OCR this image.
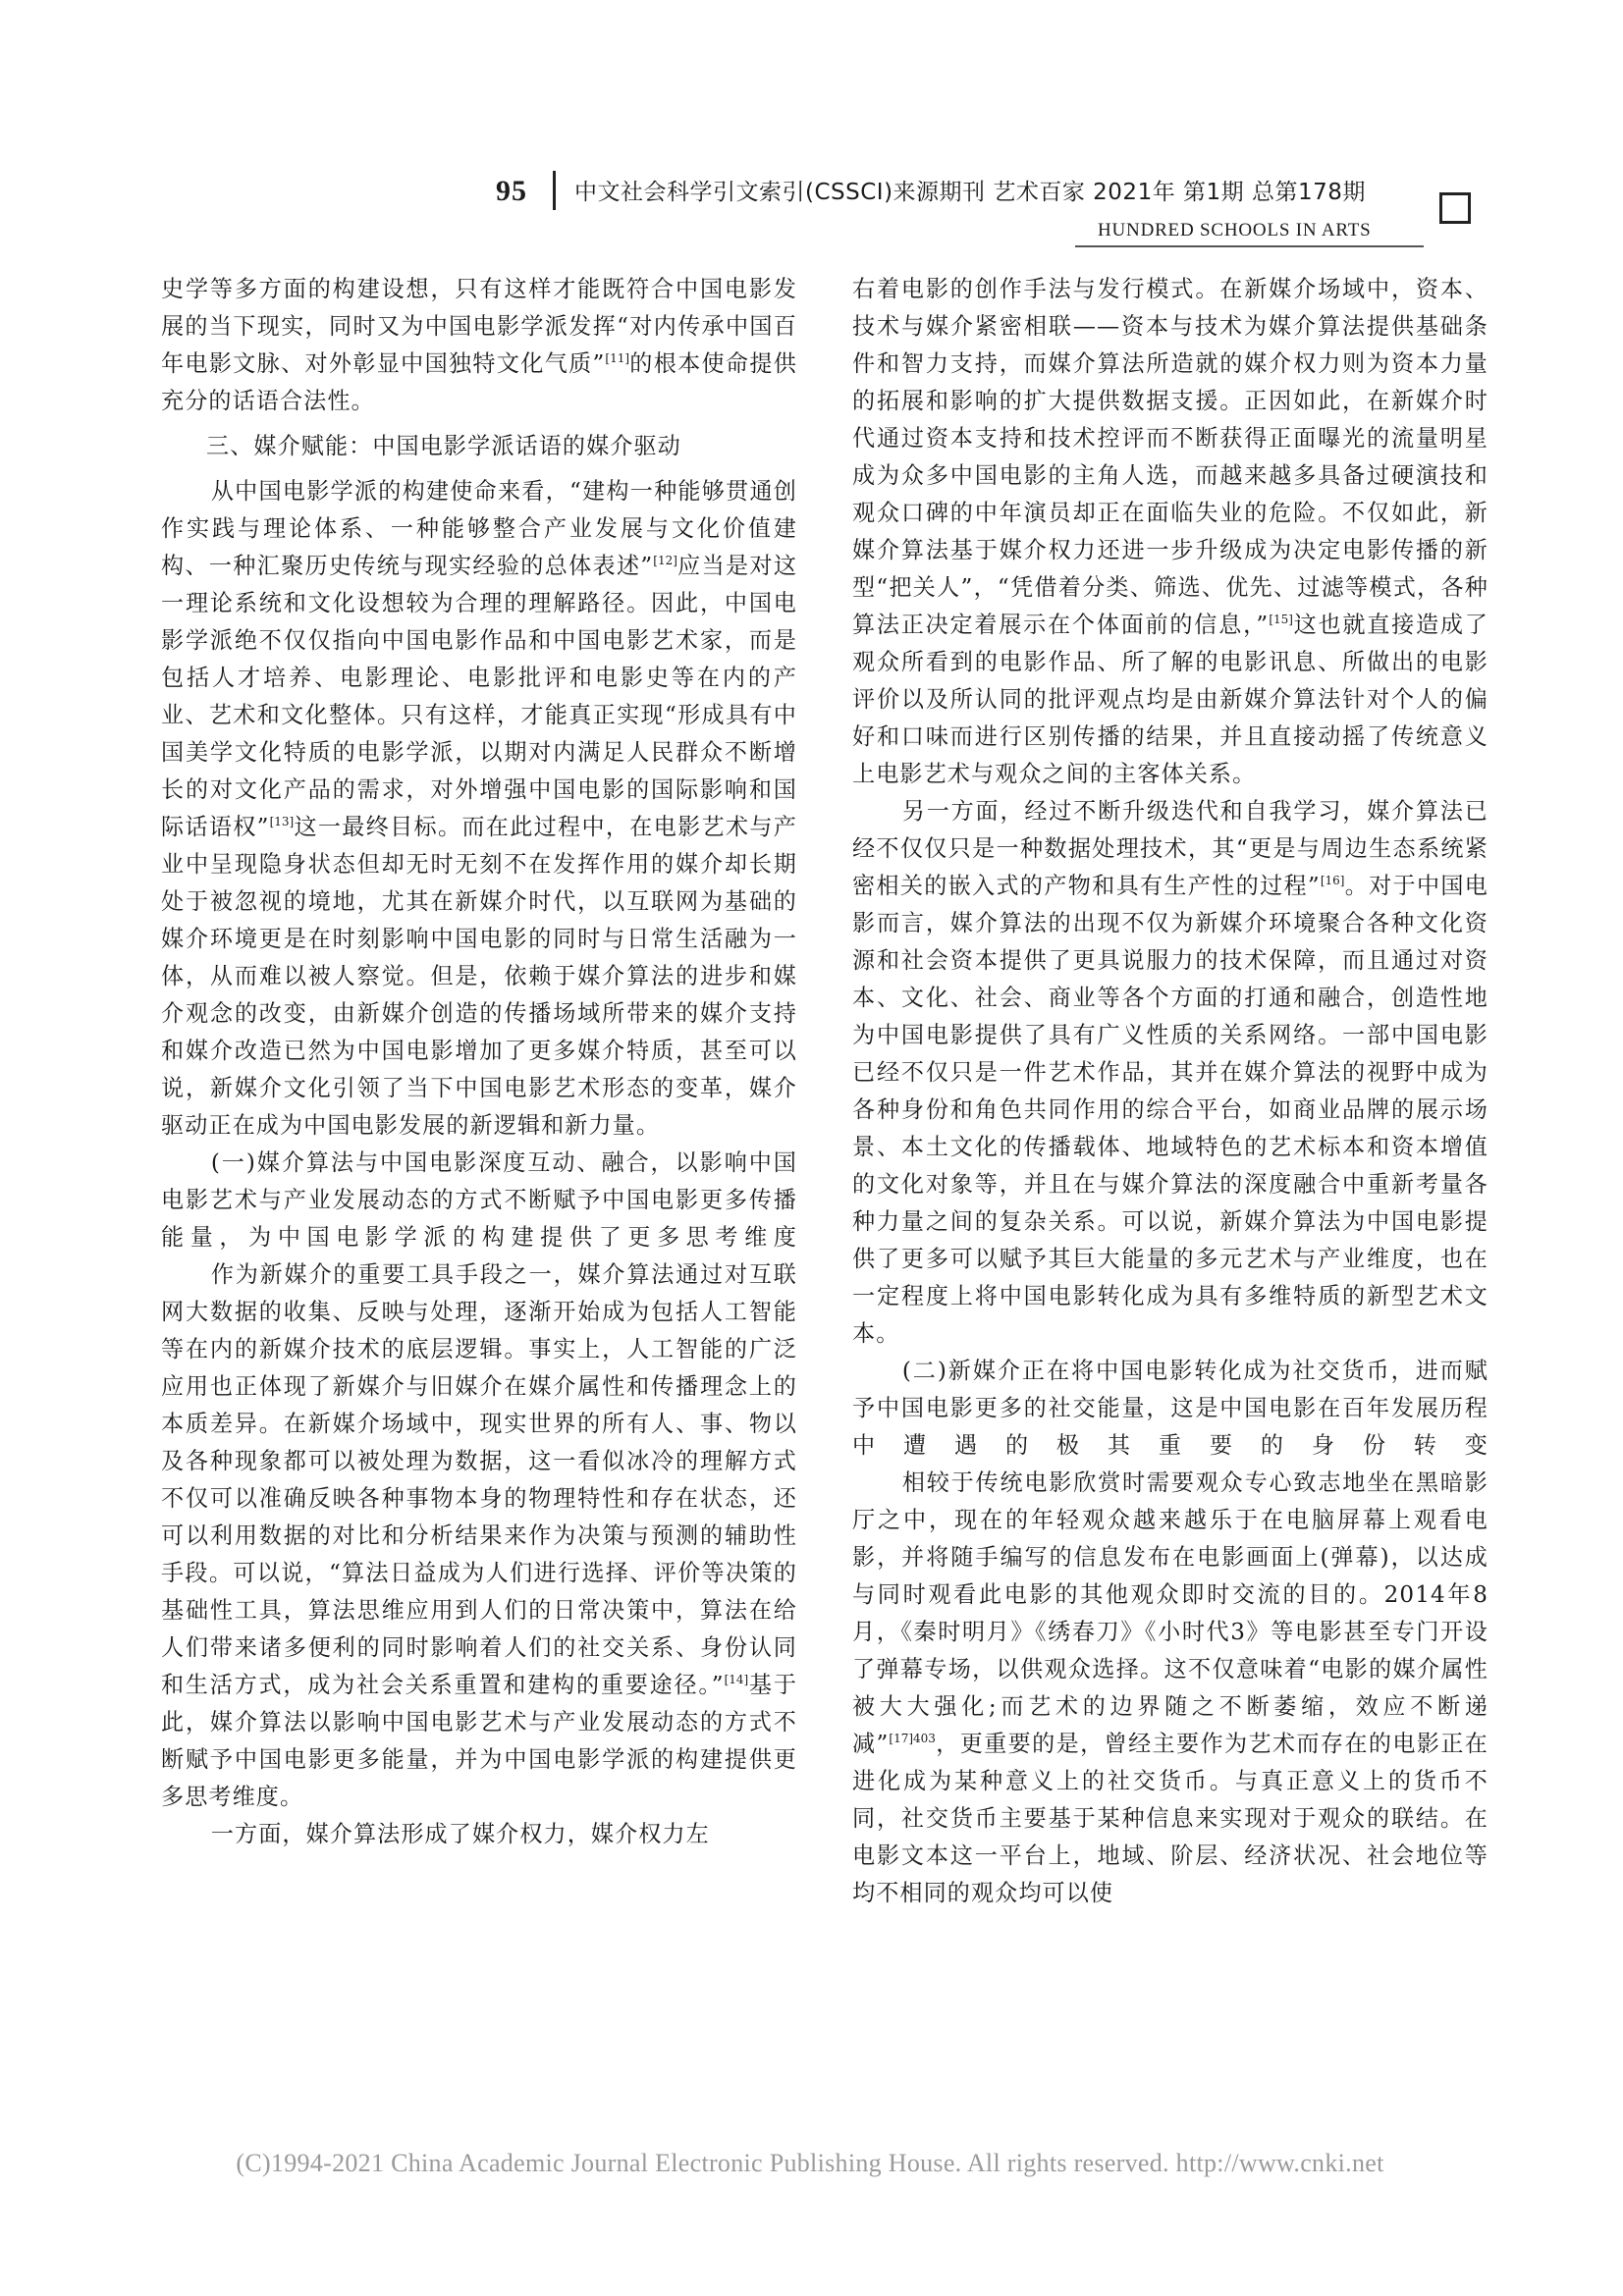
95 中文社会科学引文索引(CSSCI)来源期刊 艺术百家 2021年 第1期 总第178期
HUNDRED SCHOOLS IN ARTS

史学等多方面的构建设想，只有这样才能既符合中国电影发展的当下现实，同时又为中国电影学派发挥“对内传承中国百年电影文脉、对外彰显中国独特文化气质”[11]的根本使命提供充分的话语合法性。

三、媒介赋能：中国电影学派话语的媒介驱动

从中国电影学派的构建使命来看，“建构一种能够贯通创作实践与理论体系、一种能够整合产业发展与文化价值建构、一种汇聚历史传统与现实经验的总体表述”[12]应当是对这一理论系统和文化设想较为合理的理解路径。因此，中国电影学派绝不仅仅指向中国电影作品和中国电影艺术家，而是包括人才培养、电影理论、电影批评和电影史等在内的产业、艺术和文化整体。只有这样，才能真正实现“形成具有中国美学文化特质的电影学派，以期对内满足人民群众不断增长的对文化产品的需求，对外增强中国电影的国际影响和国际话语权”[13]这一最终目标。而在此过程中，在电影艺术与产业中呈现隐身状态但却无时无刻不在发挥作用的媒介却长期处于被忽视的境地，尤其在新媒介时代，以互联网为基础的媒介环境更是在时刻影响中国电影的同时与日常生活融为一体，从而难以被人察觉。但是，依赖于媒介算法的进步和媒介观念的改变，由新媒介创造的传播场域所带来的媒介支持和媒介改造已然为中国电影增加了更多媒介特质，甚至可以说，新媒介文化引领了当下中国电影艺术形态的变革，媒介驱动正在成为中国电影发展的新逻辑和新力量。

(一)媒介算法与中国电影深度互动、融合，以影响中国电影艺术与产业发展动态的方式不断赋予中国电影更多传播能量，为中国电影学派的构建提供了更多思考维度

作为新媒介的重要工具手段之一，媒介算法通过对互联网大数据的收集、反映与处理，逐渐开始成为包括人工智能等在内的新媒介技术的底层逻辑。事实上，人工智能的广泛应用也正体现了新媒介与旧媒介在媒介属性和传播理念上的本质差异。在新媒介场域中，现实世界的所有人、事、物以及各种现象都可以被处理为数据，这一看似冰冷的理解方式不仅可以准确反映各种事物本身的物理特性和存在状态，还可以利用数据的对比和分析结果来作为决策与预测的辅助性手段。可以说，“算法日益成为人们进行选择、评价等决策的基础性工具，算法思维应用到人们的日常决策中，算法在给人们带来诸多便利的同时影响着人们的社交关系、身份认同和生活方式，成为社会关系重置和建构的重要途径。”[14]基于此，媒介算法以影响中国电影艺术与产业发展动态的方式不断赋予中国电影更多能量，并为中国电影学派的构建提供更多思考维度。

一方面，媒介算法形成了媒介权力，媒介权力左

右着电影的创作手法与发行模式。在新媒介场域中，资本、技术与媒介紧密相联——资本与技术为媒介算法提供基础条件和智力支持，而媒介算法所造就的媒介权力则为资本力量的拓展和影响的扩大提供数据支援。正因如此，在新媒介时代通过资本支持和技术控评而不断获得正面曝光的流量明星成为众多中国电影的主角人选，而越来越多具备过硬演技和观众口碑的中年演员却正在面临失业的危险。不仅如此，新媒介算法基于媒介权力还进一步升级成为决定电影传播的新型“把关人”，“凭借着分类、筛选、优先、过滤等模式，各种算法正决定着展示在个体面前的信息，”[15]这也就直接造成了观众所看到的电影作品、所了解的电影讯息、所做出的电影评价以及所认同的批评观点均是由新媒介算法针对个人的偏好和口味而进行区别传播的结果，并且直接动摇了传统意义上电影艺术与观众之间的主客体关系。

另一方面，经过不断升级迭代和自我学习，媒介算法已经不仅仅只是一种数据处理技术，其“更是与周边生态系统紧密相关的嵌入式的产物和具有生产性的过程”[16]。对于中国电影而言，媒介算法的出现不仅为新媒介环境聚合各种文化资源和社会资本提供了更具说服力的技术保障，而且通过对资本、文化、社会、商业等各个方面的打通和融合，创造性地为中国电影提供了具有广义性质的关系网络。一部中国电影已经不仅只是一件艺术作品，其并在媒介算法的视野中成为各种身份和角色共同作用的综合平台，如商业品牌的展示场景、本土文化的传播载体、地域特色的艺术标本和资本增值的文化对象等，并且在与媒介算法的深度融合中重新考量各种力量之间的复杂关系。可以说，新媒介算法为中国电影提供了更多可以赋予其巨大能量的多元艺术与产业维度，也在一定程度上将中国电影转化成为具有多维特质的新型艺术文本。

(二)新媒介正在将中国电影转化成为社交货币，进而赋予中国电影更多的社交能量，这是中国电影在百年发展历程中遭遇的极其重要的身份转变

相较于传统电影欣赏时需要观众专心致志地坐在黑暗影厅之中，现在的年轻观众越来越乐于在电脑屏幕上观看电影，并将随手编写的信息发布在电影画面上(弹幕)，以达成与同时观看此电影的其他观众即时交流的目的。2014年8月，《秦时明月》《绣春刀》《小时代3》等电影甚至专门开设了弹幕专场，以供观众选择。这不仅意味着“电影的媒介属性被大大强化;而艺术的边界随之不断萎缩，效应不断递减”$^{[17]403}$，更重要的是，曾经主要作为艺术而存在的电影正在进化成为某种意义上的社交货币。与真正意义上的货币不同，社交货币主要基于某种信息来实现对于观众的联结。在电影文本这一平台上，地域、阶层、经济状况、社会地位等均不相同的观众均可以使

(C)1994-2021 China Academic Journal Electronic Publishing House. All rights reserved. http://www.cnki.net
